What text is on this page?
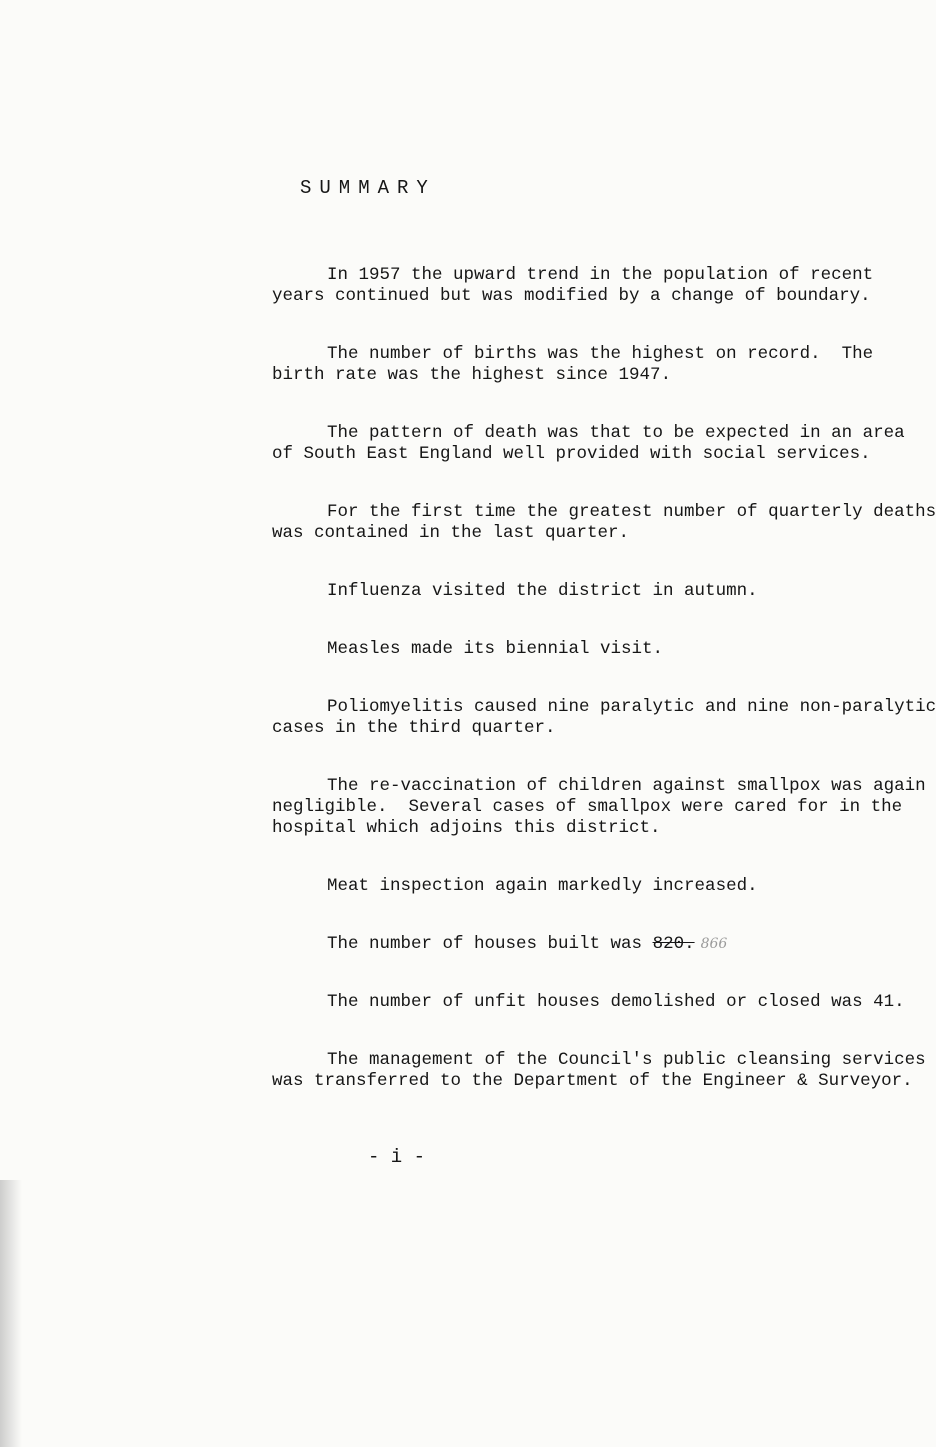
SUMMARY
In 1957 the upward trend in the population of recent
years continued but was modified by a change of boundary.
The number of births was the highest on record.  The
birth rate was the highest since 1947.
The pattern of death was that to be expected in an area
of South East England well provided with social services.
For the first time the greatest number of quarterly deaths
was contained in the last quarter.
Influenza visited the district in autumn.
Measles made its biennial visit.
Poliomyelitis caused nine paralytic and nine non-paralytic
cases in the third quarter.
The re-vaccination of children against smallpox was again
negligible.  Several cases of smallpox were cared for in the
hospital which adjoins this district.
Meat inspection again markedly increased.
The number of houses built was 820. 866
The number of unfit houses demolished or closed was 41.
The management of the Council's public cleansing services
was transferred to the Department of the Engineer & Surveyor.
- i -
